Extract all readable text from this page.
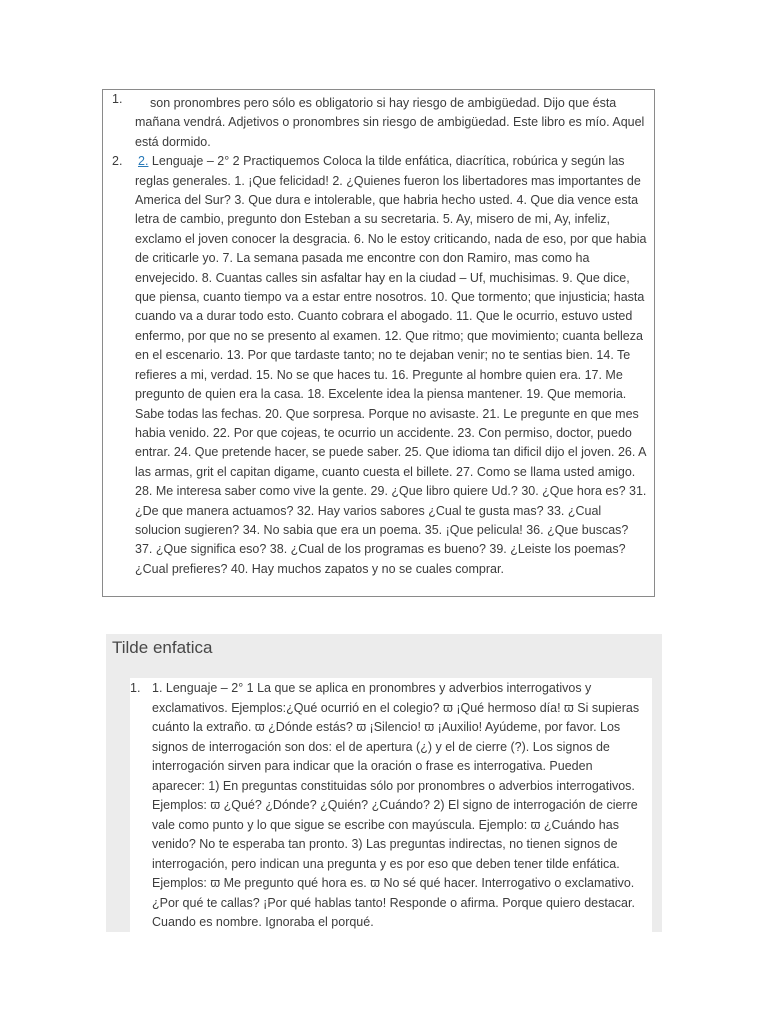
1. son pronombres pero sólo es obligatorio si hay riesgo de ambigüedad. Dijo que ésta mañana vendrá. Adjetivos o pronombres sin riesgo de ambigüedad. Este libro es mío. Aquel está dormido.
2. 2. Lenguaje – 2° 2 Practiquemos Coloca la tilde enfática, diacrítica, robúrica y según las reglas generales. 1. ¡Que felicidad! 2. ¿Quienes fueron los libertadores mas importantes de America del Sur? 3. Que dura e intolerable, que habria hecho usted. 4. Que dia vence esta letra de cambio, pregunto don Esteban a su secretaria. 5. Ay, misero de mi, Ay, infeliz, exclamo el joven conocer la desgracia. 6. No le estoy criticando, nada de eso, por que habia de criticarle yo. 7. La semana pasada me encontre con don Ramiro, mas como ha envejecido. 8. Cuantas calles sin asfaltar hay en la ciudad – Uf, muchisimas. 9. Que dice, que piensa, cuanto tiempo va a estar entre nosotros. 10. Que tormento; que injusticia; hasta cuando va a durar todo esto. Cuanto cobrara el abogado. 11. Que le ocurrio, estuvo usted enfermo, por que no se presento al examen. 12. Que ritmo; que movimiento; cuanta belleza en el escenario. 13. Por que tardaste tanto; no te dejaban venir; no te sentias bien. 14. Te refieres a mi, verdad. 15. No se que haces tu. 16. Pregunte al hombre quien era. 17. Me pregunto de quien era la casa. 18. Excelente idea la piensa mantener. 19. Que memoria. Sabe todas las fechas. 20. Que sorpresa. Porque no avisaste. 21. Le pregunte en que mes habia venido. 22. Por que cojeas, te ocurrio un accidente. 23. Con permiso, doctor, puedo entrar. 24. Que pretende hacer, se puede saber. 25. Que idioma tan dificil dijo el joven. 26. A las armas, grit el capitan digame, cuanto cuesta el billete. 27. Como se llama usted amigo. 28. Me interesa saber como vive la gente. 29. ¿Que libro quiere Ud.? 30. ¿Que hora es? 31. ¿De que manera actuamos? 32. Hay varios sabores ¿Cual te gusta mas? 33. ¿Cual solucion sugieren? 34. No sabia que era un poema. 35. ¡Que pelicula! 36. ¿Que buscas? 37. ¿Que significa eso? 38. ¿Cual de los programas es bueno? 39. ¿Leiste los poemas? ¿Cual prefieres? 40. Hay muchos zapatos y no se cuales comprar.
Tilde enfatica
1. 1. Lenguaje – 2° 1 La que se aplica en pronombres y adverbios interrogativos y exclamativos. Ejemplos:¿Qué ocurrió en el colegio? ϖ ¡Qué hermoso día! ϖ Si supieras cuánto la extraño. ϖ ¿Dónde estás? ϖ ¡Silencio! ϖ ¡Auxilio! Ayúdeme, por favor. Los signos de interrogación son dos: el de apertura (¿) y el de cierre (?). Los signos de interrogación sirven para indicar que la oración o frase es interrogativa. Pueden aparecer: 1) En preguntas constituidas sólo por pronombres o adverbios interrogativos. Ejemplos: ϖ ¿Qué? ¿Dónde? ¿Quién? ¿Cuándo? 2) El signo de interrogación de cierre vale como punto y lo que sigue se escribe con mayúscula. Ejemplo: ϖ ¿Cuándo has venido? No te esperaba tan pronto. 3) Las preguntas indirectas, no tienen signos de interrogación, pero indican una pregunta y es por eso que deben tener tilde enfática. Ejemplos: ϖ Me pregunto qué hora es. ϖ No sé qué hacer. Interrogativo o exclamativo. ¿Por qué te callas? ¡Por qué hablas tanto! Responde o afirma. Porque quiero destacar. Cuando es nombre. Ignoraba el porqué.
